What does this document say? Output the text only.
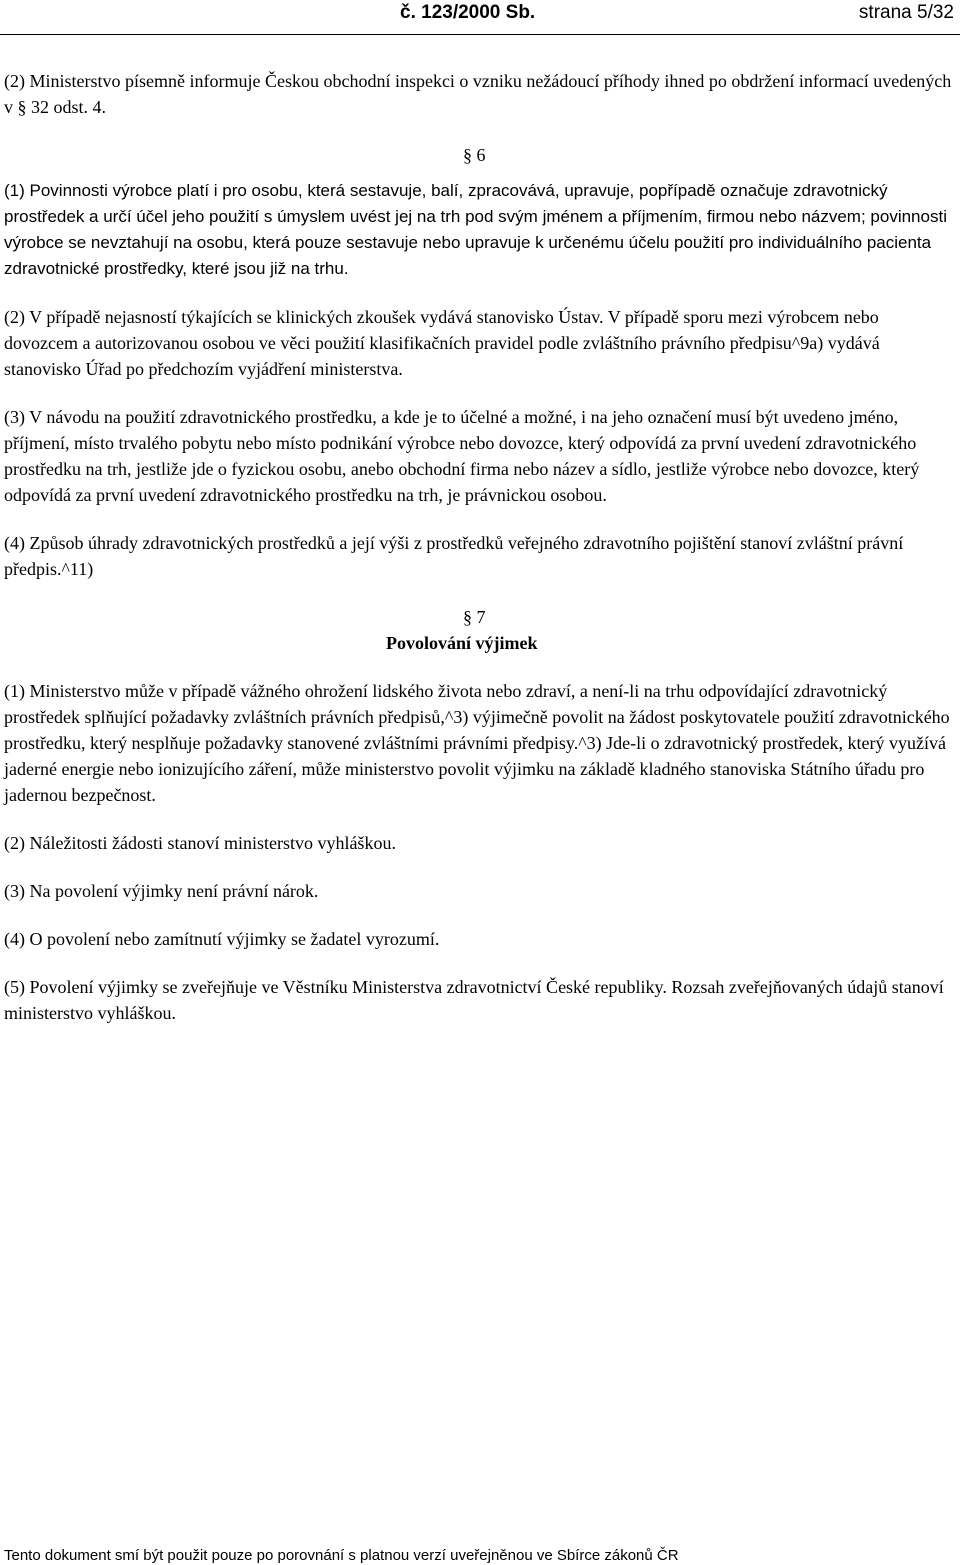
č. 123/2000 Sb.	strana 5/32

(2) Ministerstvo písemně informuje Českou obchodní inspekci o vzniku nežádoucí příhody ihned po obdržení informací uvedených v § 32 odst. 4.

§ 6

(1) Povinnosti výrobce platí i pro osobu, která sestavuje, balí, zpracovává, upravuje, popřípadě označuje zdravotnický prostředek a určí účel jeho použití s úmyslem uvést jej na trh pod svým jménem a příjmením, firmou nebo názvem; povinnosti výrobce se nevztahují na osobu, která pouze sestavuje nebo upravuje k určenému účelu použití pro individuálního pacienta zdravotnické prostředky, které jsou již na trhu.

(2) V případě nejasností týkajících se klinických zkoušek vydává stanovisko Ústav. V případě sporu mezi výrobcem nebo dovozcem a autorizovanou osobou ve věci použití klasifikačních pravidel podle zvláštního právního předpisu^9a) vydává stanovisko Úřad po předchozím vyjádření ministerstva.

(3) V návodu na použití zdravotnického prostředku, a kde je to účelné a možné, i na jeho označení musí být uvedeno jméno, příjmení, místo trvalého pobytu nebo místo podnikání výrobce nebo dovozce, který odpovídá za první uvedení zdravotnického prostředku na trh, jestliže jde o fyzickou osobu, anebo obchodní firma nebo název a sídlo, jestliže výrobce nebo dovozce, který odpovídá za první uvedení zdravotnického prostředku na trh, je právnickou osobou.

(4) Způsob úhrady zdravotnických prostředků a její výši z prostředků veřejného zdravotního pojištění stanoví zvláštní právní předpis.^11)

§ 7

Povolování výjimek

(1) Ministerstvo může v případě vážného ohrožení lidského života nebo zdraví, a není-li na trhu odpovídající zdravotnický prostředek splňující požadavky zvláštních právních předpisů,^3) výjimečně povolit na žádost poskytovatele použití zdravotnického prostředku, který nesplňuje požadavky stanovené zvláštními právními předpisy.^3) Jde-li o zdravotnický prostředek, který využívá jaderné energie nebo ionizujícího záření, může ministerstvo povolit výjimku na základě kladného stanoviska Státního úřadu pro jadernou bezpečnost.

(2) Náležitosti žádosti stanoví ministerstvo vyhláškou.

(3) Na povolení výjimky není právní nárok.

(4) O povolení nebo zamítnutí výjimky se žadatel vyrozumí.

(5) Povolení výjimky se zveřejňuje ve Věstníku Ministerstva zdravotnictví České republiky. Rozsah zveřejňovaných údajů stanoví ministerstvo vyhláškou.

Tento dokument smí být použit pouze po porovnání s platnou verzí uveřejněnou ve Sbírce zákonů ČR
